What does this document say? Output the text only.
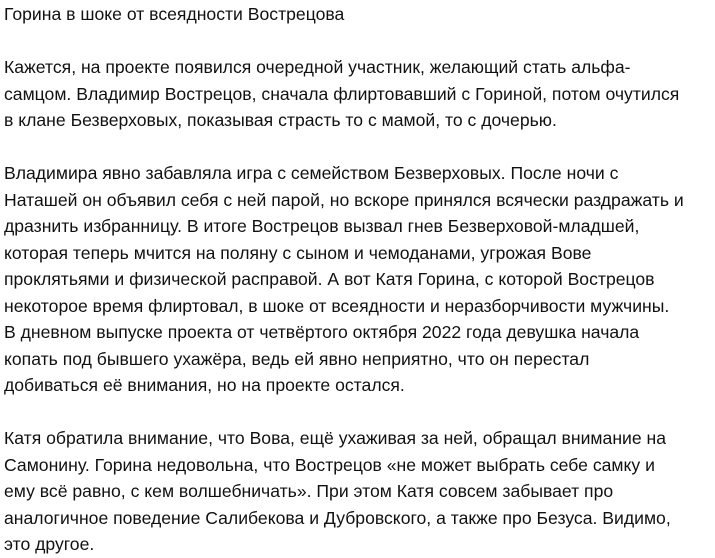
Горина в шоке от всеядности Вострецова

Кажется, на проекте появился очередной участник, желающий стать альфа-

самцом. Владимир Вострецов, сначала флиртовавший с Гориной, потом очутился

в клане Безверховых, показывая страсть то с мамой, то с дочерью.

Владимира явно забавляла игра с семейством Безверховых. После ночи с

Наташей он объявил себя с ней парой, но вскоре принялся всячески раздражать и

дразнить избранницу. В итоге Вострецов вызвал гнев Безверховой-младшей,

которая теперь мчится на поляну с сыном и чемоданами, угрожая Вове

проклятьями и физической расправой. А вот Катя Горина, с которой Вострецов

некоторое время флиртовал, в шоке от всеядности и неразборчивости мужчины.

В дневном выпуске проекта от четвёртого октября 2022 года девушка начала

копать под бывшего ухажёра, ведь ей явно неприятно, что он перестал

добиваться её внимания, но на проекте остался.

Катя обратила внимание, что Вова, ещё ухаживая за ней, обращал внимание на

Самонину. Горина недовольна, что Вострецов «не может выбрать себе самку и

ему всё равно, с кем волшебничать». При этом Катя совсем забывает про

аналогичное поведение Салибекова и Дубровского, а также про Безуса. Видимо,

это другое.
